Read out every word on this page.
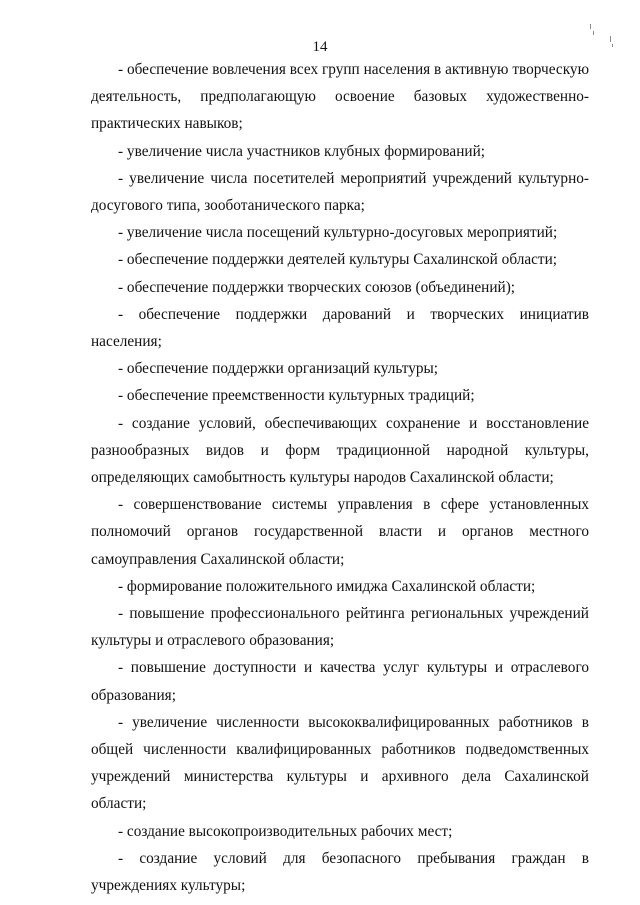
14

- обеспечение вовлечения всех групп населения в активную творческую деятельность, предполагающую освоение базовых художественно-практических навыков;

- увеличение числа участников клубных формирований;

- увеличение числа посетителей мероприятий учреждений культурно-досугового типа, зооботанического парка;

- увеличение числа посещений культурно-досуговых мероприятий;

- обеспечение поддержки деятелей культуры Сахалинской области;

- обеспечение поддержки творческих союзов (объединений);

- обеспечение поддержки дарований и творческих инициатив населения;

- обеспечение поддержки организаций культуры;

- обеспечение преемственности культурных традиций;

- создание условий, обеспечивающих сохранение и восстановление разнообразных видов и форм традиционной народной культуры, определяющих самобытность культуры народов Сахалинской области;

- совершенствование системы управления в сфере установленных полномочий органов государственной власти и органов местного самоуправления Сахалинской области;

- формирование положительного имиджа Сахалинской области;

- повышение профессионального рейтинга региональных учреждений культуры и отраслевого образования;

- повышение доступности и качества услуг культуры и отраслевого образования;

- увеличение численности высококвалифицированных работников в общей численности квалифицированных работников подведомственных учреждений министерства культуры и архивного дела Сахалинской области;

- создание высокопроизводительных рабочих мест;

- создание условий для безопасного пребывания граждан в учреждениях культуры;
